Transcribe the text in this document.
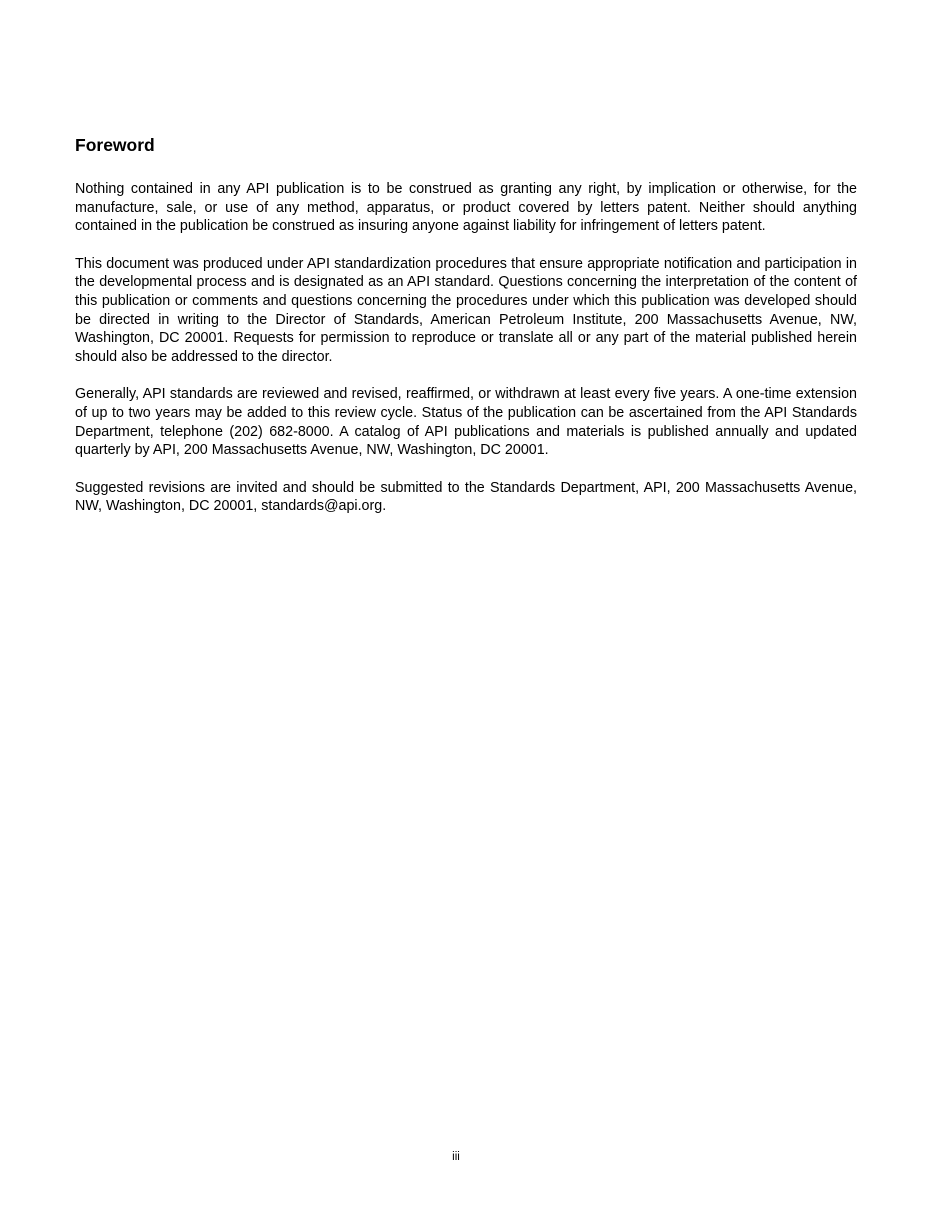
Foreword

Nothing contained in any API publication is to be construed as granting any right, by implication or otherwise, for the manufacture, sale, or use of any method, apparatus, or product covered by letters patent. Neither should anything contained in the publication be construed as insuring anyone against liability for infringement of letters patent.

This document was produced under API standardization procedures that ensure appropriate notification and participation in the developmental process and is designated as an API standard. Questions concerning the interpretation of the content of this publication or comments and questions concerning the procedures under which this publication was developed should be directed in writing to the Director of Standards, American Petroleum Institute, 200 Massachusetts Avenue, NW, Washington, DC 20001. Requests for permission to reproduce or translate all or any part of the material published herein should also be addressed to the director.

Generally, API standards are reviewed and revised, reaffirmed, or withdrawn at least every five years. A one-time extension of up to two years may be added to this review cycle. Status of the publication can be ascertained from the API Standards Department, telephone (202) 682-8000. A catalog of API publications and materials is published annually and updated quarterly by API, 200 Massachusetts Avenue, NW, Washington, DC 20001.

Suggested revisions are invited and should be submitted to the Standards Department, API, 200 Massachusetts Avenue, NW, Washington, DC 20001, standards@api.org.

iii
